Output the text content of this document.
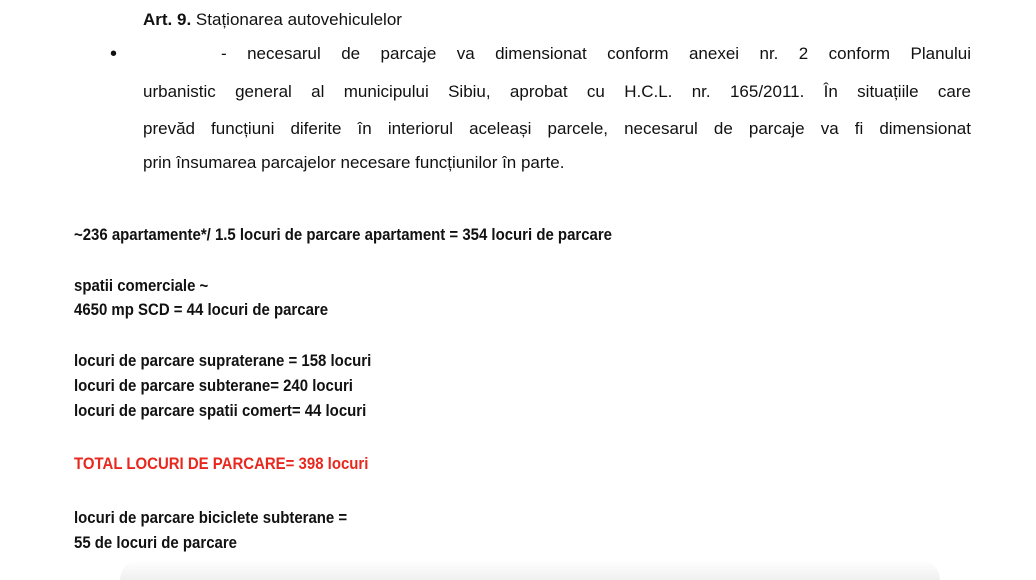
Art. 9. Staționarea autovehiculelor
•	- necesarul de parcaje va dimensionat conform anexei nr. 2 conform Planului
urbanistic general al municipului Sibiu, aprobat cu H.C.L. nr. 165/2011. În situațiile care
prevăd funcțiuni diferite în interiorul aceleași parcele, necesarul de parcaje va fi dimensionat
prin însumarea parcajelor necesare funcțiunilor în parte.
~236 apartamente*/ 1.5 locuri de parcare apartament = 354 locuri de parcare
spatii comerciale ~
4650 mp SCD = 44 locuri de parcare
locuri de parcare supraterane = 158 locuri
locuri de parcare subterane= 240 locuri
locuri de parcare spatii comert= 44 locuri
TOTAL LOCURI DE PARCARE= 398 locuri
locuri de parcare biciclete subterane =
55 de locuri de parcare
